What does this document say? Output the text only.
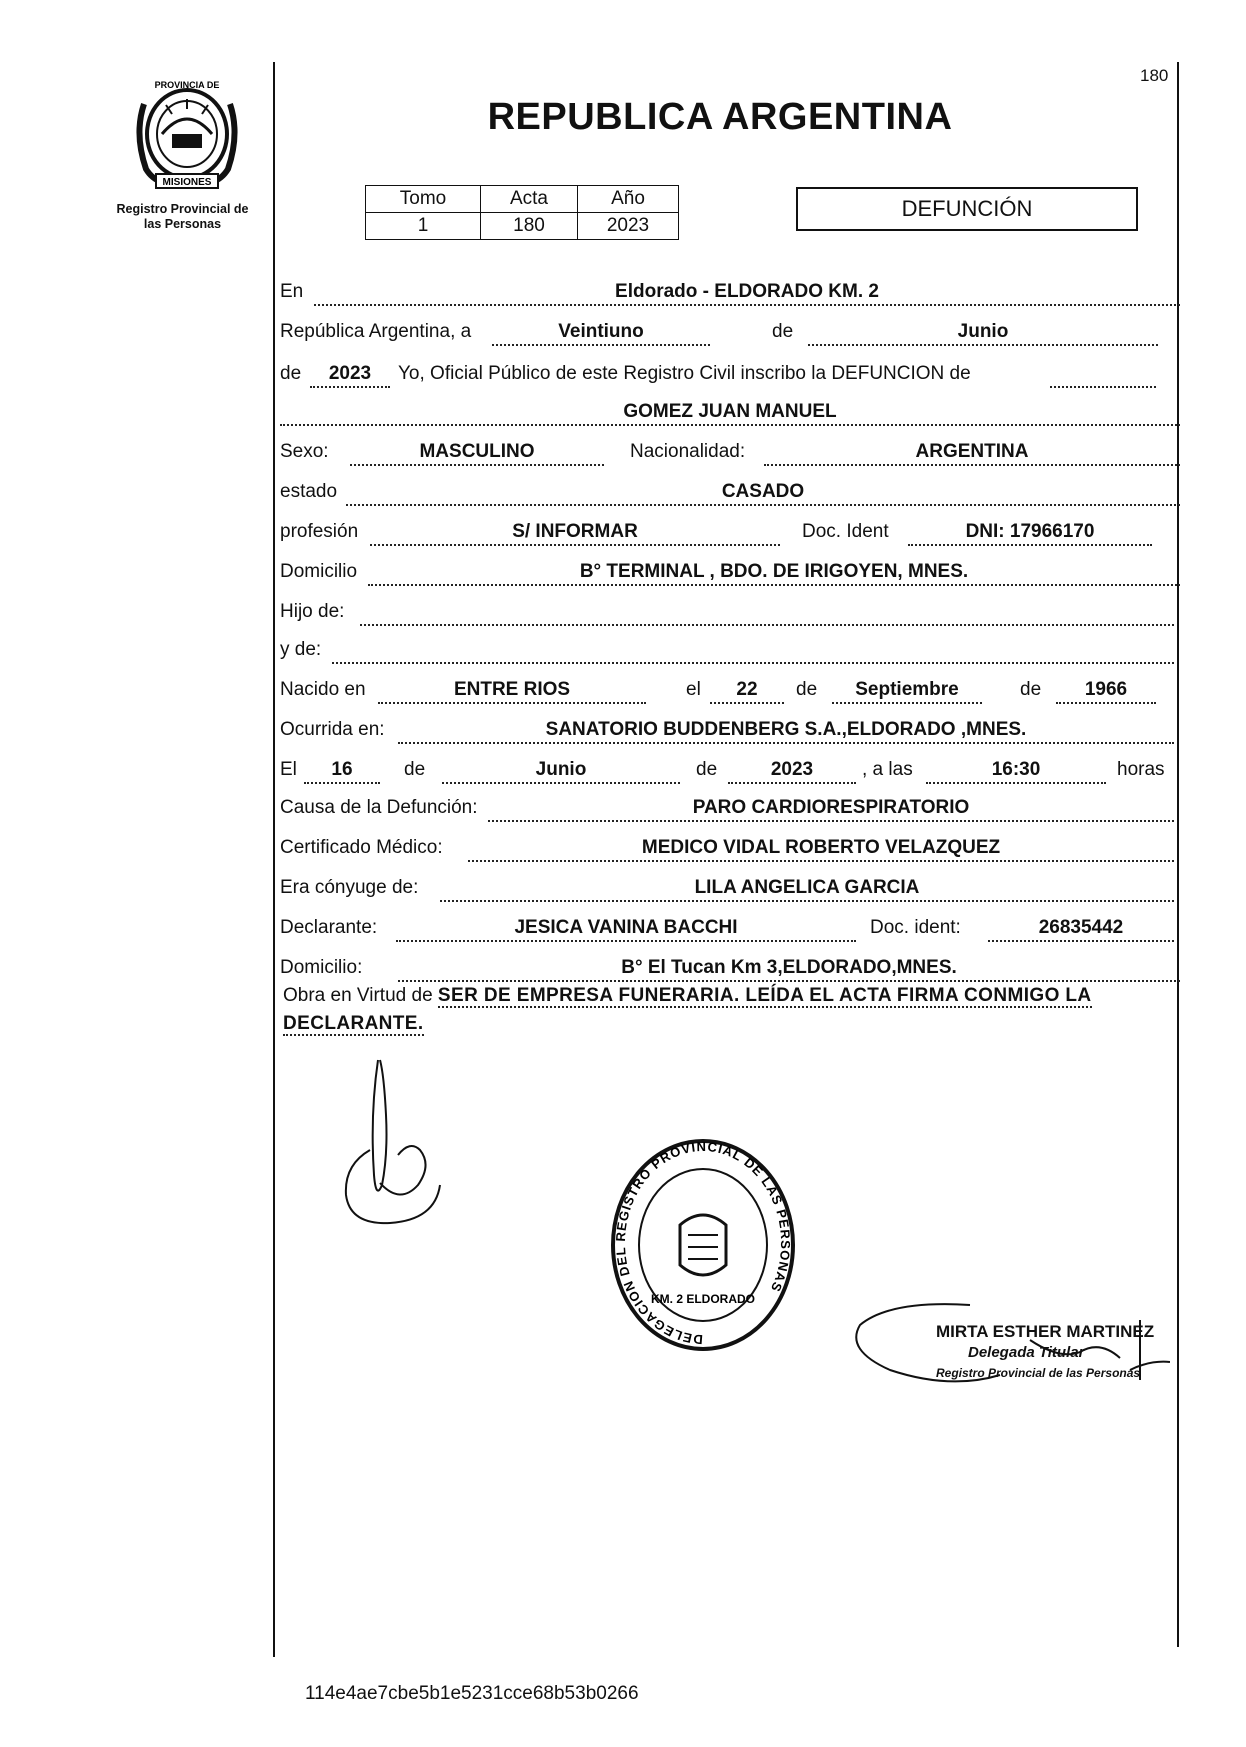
PROVINCIA DE
MISIONES
Registro Provincial de
las Personas
180
REPUBLICA ARGENTINA
Tomo	Acta	Año
1	180	2023
DEFUNCIÓN
En	Eldorado - ELDORADO KM. 2
República Argentina, a	Veintiuno	de	Junio
de	2023	Yo, Oficial Público de este Registro Civil inscribo la DEFUNCION de
GOMEZ JUAN MANUEL
Sexo:	MASCULINO	Nacionalidad:	ARGENTINA
estado	CASADO
profesión	S/ INFORMAR	Doc. Ident	DNI: 17966170
Domicilio	B° TERMINAL , BDO. DE IRIGOYEN, MNES.
Hijo de:
y de:
Nacido en	ENTRE RIOS	el	22	de	Septiembre	de	1966
Ocurrida en:	SANATORIO BUDDENBERG S.A.,ELDORADO ,MNES.
El	16	de	Junio	de	2023	, a las	16:30	horas
Causa de la Defunción:	PARO CARDIORESPIRATORIO
Certificado Médico:	MEDICO VIDAL ROBERTO VELAZQUEZ
Era cónyuge de:	LILA ANGELICA GARCIA
Declarante:	JESICA VANINA BACCHI	Doc. ident:	26835442
Domicilio:	B° El Tucan Km 3,ELDORADO,MNES.
Obra en Virtud de SER DE EMPRESA FUNERARIA. LEÍDA EL ACTA FIRMA CONMIGO LA DECLARANTE.
DELEGACION DEL REGISTRO PROVINCIAL DE LAS PERSONAS
KM. 2 ELDORADO
MIRTA ESTHER MARTINEZ
Delegada Titular
Registro Provincial de las Personas
114e4ae7cbe5b1e5231cce68b53b0266
